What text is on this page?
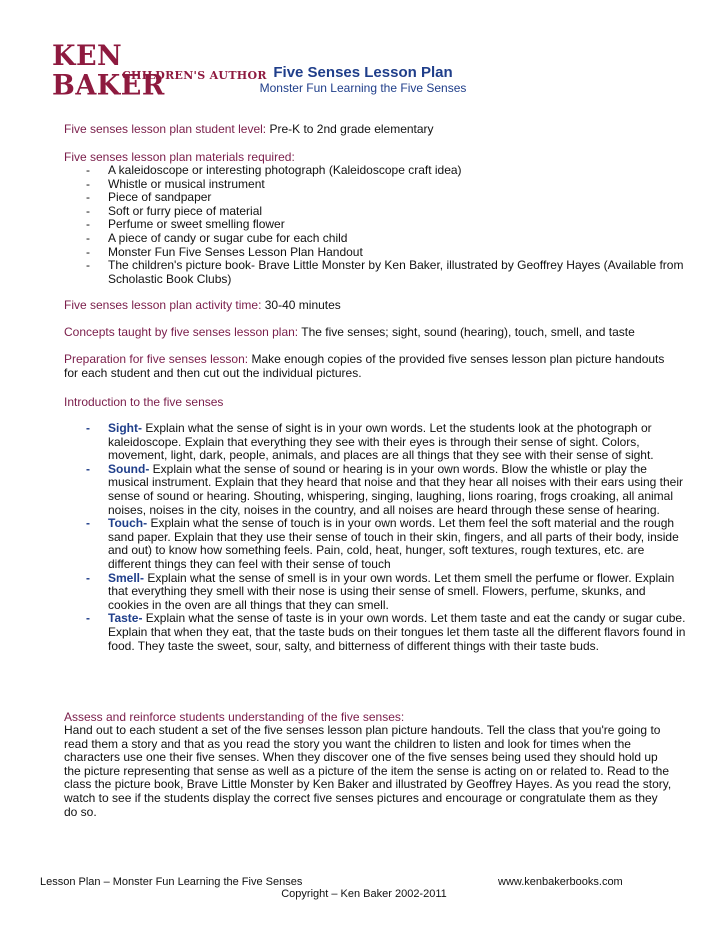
KEN BAKER
CHILDREN'S AUTHOR Five Senses Lesson Plan
Monster Fun Learning the Five Senses
Five senses lesson plan student level: Pre-K to 2nd grade elementary
Five senses lesson plan materials required:
- A kaleidoscope or interesting photograph (Kaleidoscope craft idea)
- Whistle or musical instrument
- Piece of sandpaper
- Soft or furry piece of material
- Perfume or sweet smelling flower
- A piece of candy or sugar cube for each child
- Monster Fun Five Senses Lesson Plan Handout
- The children's picture book- Brave Little Monster by Ken Baker, illustrated by Geoffrey Hayes (Available from Scholastic Book Clubs)
Five senses lesson plan activity time: 30-40 minutes
Concepts taught by five senses lesson plan: The five senses; sight, sound (hearing), touch, smell, and taste
Preparation for five senses lesson: Make enough copies of the provided five senses lesson plan picture handouts for each student and then cut out the individual pictures.
Introduction to the five senses
- Sight- Explain what the sense of sight is in your own words. Let the students look at the photograph or kaleidoscope. Explain that everything they see with their eyes is through their sense of sight. Colors, movement, light, dark, people, animals, and places are all things that they see with their sense of sight.
- Sound- Explain what the sense of sound or hearing is in your own words. Blow the whistle or play the musical instrument. Explain that they heard that noise and that they hear all noises with their ears using their sense of sound or hearing. Shouting, whispering, singing, laughing, lions roaring, frogs croaking, all animal noises, noises in the city, noises in the country, and all noises are heard through these sense of hearing.
- Touch- Explain what the sense of touch is in your own words. Let them feel the soft material and the rough sand paper. Explain that they use their sense of touch in their skin, fingers, and all parts of their body, inside and out) to know how something feels. Pain, cold, heat, hunger, soft textures, rough textures, etc. are different things they can feel with their sense of touch
- Smell- Explain what the sense of smell is in your own words. Let them smell the perfume or flower. Explain that everything they smell with their nose is using their sense of smell. Flowers, perfume, skunks, and cookies in the oven are all things that they can smell.
- Taste- Explain what the sense of taste is in your own words. Let them taste and eat the candy or sugar cube. Explain that when they eat, that the taste buds on their tongues let them taste all the different flavors found in food. They taste the sweet, sour, salty, and bitterness of different things with their taste buds.
Assess and reinforce students understanding of the five senses:
Hand out to each student a set of the five senses lesson plan picture handouts. Tell the class that you're going to read them a story and that as you read the story you want the children to listen and look for times when the characters use one their five senses. When they discover one of the five senses being used they should hold up the picture representing that sense as well as a picture of the item the sense is acting on or related to. Read to the class the picture book, Brave Little Monster by Ken Baker and illustrated by Geoffrey Hayes. As you read the story, watch to see if the students display the correct five senses pictures and encourage or congratulate them as they do so.
Lesson Plan – Monster Fun Learning the Five Senses	www.kenbakerbooks.com
Copyright – Ken Baker 2002-2011
